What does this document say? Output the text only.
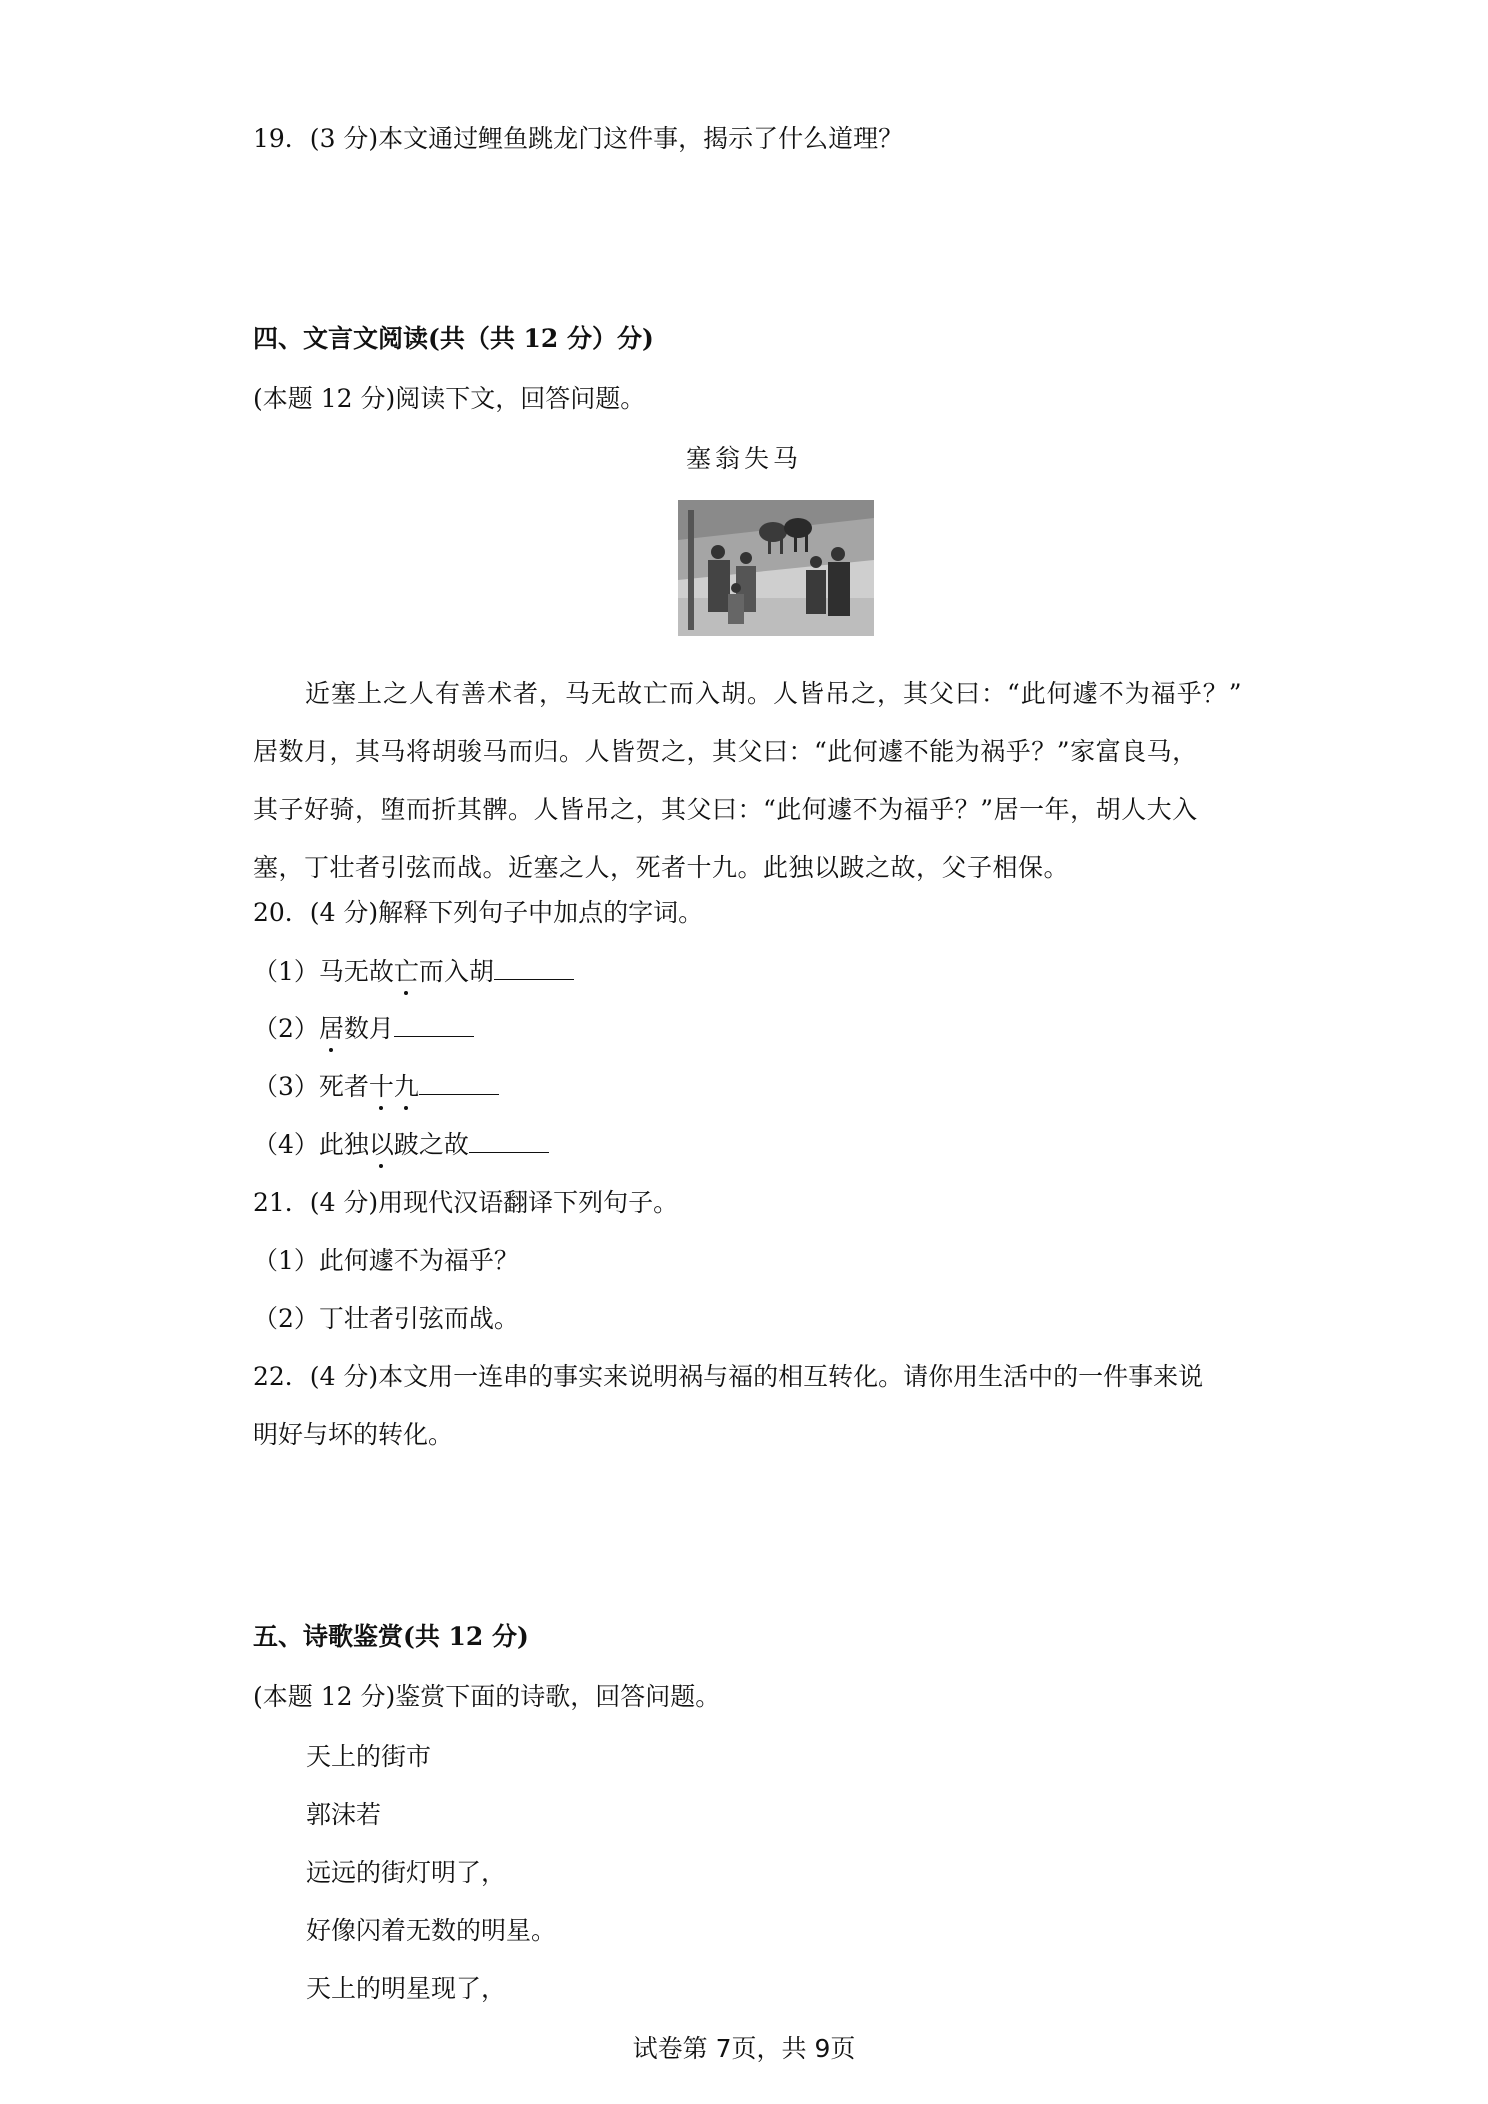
19．(3 分)本文通过鲤鱼跳龙门这件事，揭示了什么道理？
四、文言文阅读(共（共 12 分）分)
(本题 12 分)阅读下文，回答问题。
塞翁失马
近塞上之人有善术者，马无故亡而入胡。人皆吊之，其父曰：“此何遽不为福乎？”
居数月，其马将胡骏马而归。人皆贺之，其父曰：“此何遽不能为祸乎？”家富良马，
其子好骑，堕而折其髀。人皆吊之，其父曰：“此何遽不为福乎？”居一年，胡人大入
塞，丁壮者引弦而战。近塞之人，死者十九。此独以跛之故，父子相保。
20．(4 分)解释下列句子中加点的字词。
（1）马无故亡而入胡
（2）居数月
（3）死者十九
（4）此独以跛之故
21．(4 分)用现代汉语翻译下列句子。
（1）此何遽不为福乎？
（2）丁壮者引弦而战。
22．(4 分)本文用一连串的事实来说明祸与福的相互转化。请你用生活中的一件事来说
明好与坏的转化。
五、诗歌鉴赏(共 12 分)
(本题 12 分)鉴赏下面的诗歌，回答问题。
天上的街市
郭沫若
远远的街灯明了，
好像闪着无数的明星。
天上的明星现了，
试卷第 7页，共 9页
